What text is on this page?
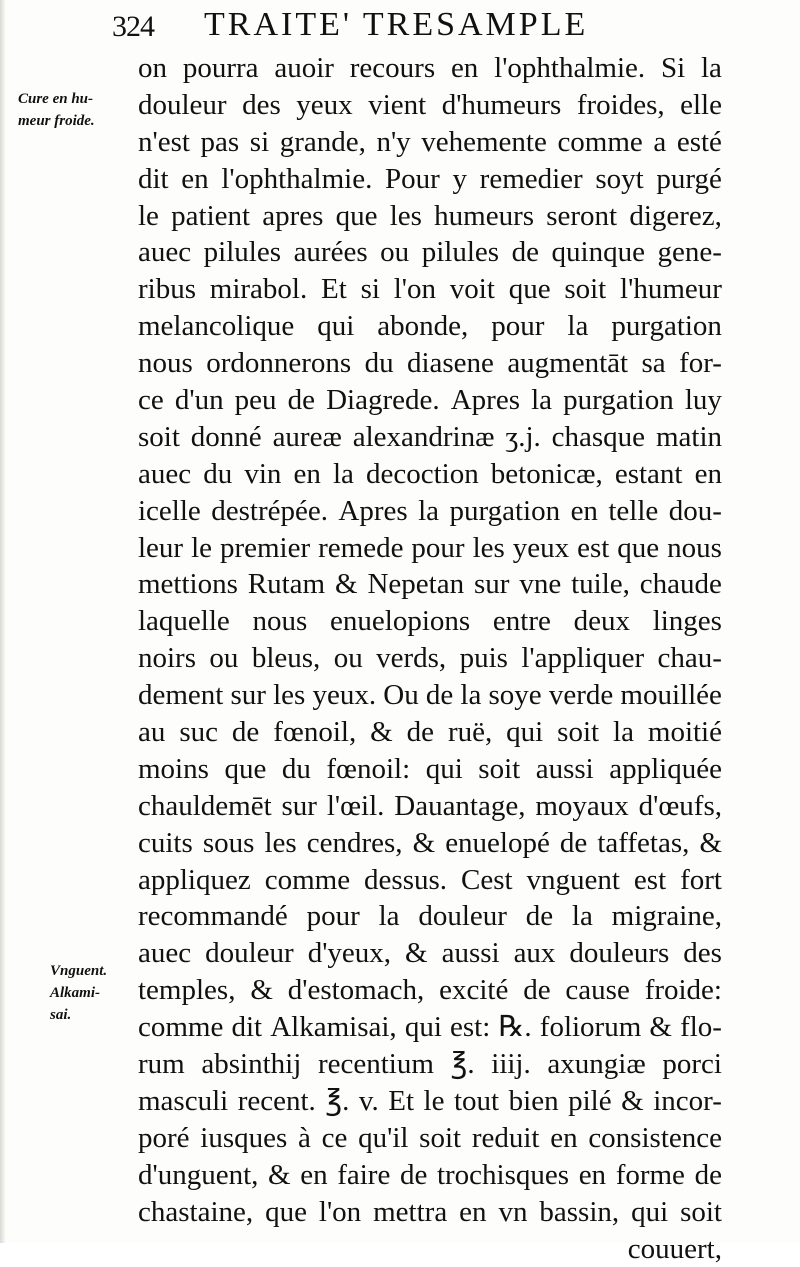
324 TRAITE' TRESAMPLE
Cure en hu-
meur froide.
Vnguent.
Alkami-
sai.
on pourra auoir recours en l'ophthalmie. Si la
douleur des yeux vient d'humeurs froides, elle
n'est pas si grande, n'y vehemente comme a esté
dit en l'ophthalmie. Pour y remedier soyt purgé
le patient apres que les humeurs seront digerez,
auec pilules aurées ou pilules de quinque gene-
ribus mirabol. Et si l'on voit que soit l'humeur
melancolique qui abonde, pour la purgation
nous ordonnerons du diasene augmentāt sa for-
ce d'un peu de Diagrede. Apres la purgation luy
soit donné aureæ alexandrinæ ʒ.j. chasque matin
auec du vin en la decoction betonicæ, estant en
icelle destrépée. Apres la purgation en telle dou-
leur le premier remede pour les yeux est que nous
mettions Rutam & Nepetan sur vne tuile, chaude
laquelle nous enuelopions entre deux linges
noirs ou bleus, ou verds, puis l'appliquer chau-
dement sur les yeux. Ou de la soye verde mouillée
au suc de fœnoil, & de ruë, qui soit la moitié
moins que du fœnoil: qui soit aussi appliquée
chauldemēt sur l'œil. Dauantage, moyaux d'œufs,
cuits sous les cendres, & enuelopé de taffetas, &
appliquez comme dessus. Cest vnguent est fort
recommandé pour la douleur de la migraine,
auec douleur d'yeux, & aussi aux douleurs des
temples, & d'estomach, excité de cause froide:
comme dit Alkamisai, qui est: ℞. foliorum & flo-
rum absinthij recentium ℥. iiij. axungiæ porci
masculi recent. ℥. v. Et le tout bien pilé & incor-
poré iusques à ce qu'il soit reduit en consistence
d'unguent, & en faire de trochisques en forme de
chastaine, que l'on mettra en vn bassin, qui soit
couuert,
